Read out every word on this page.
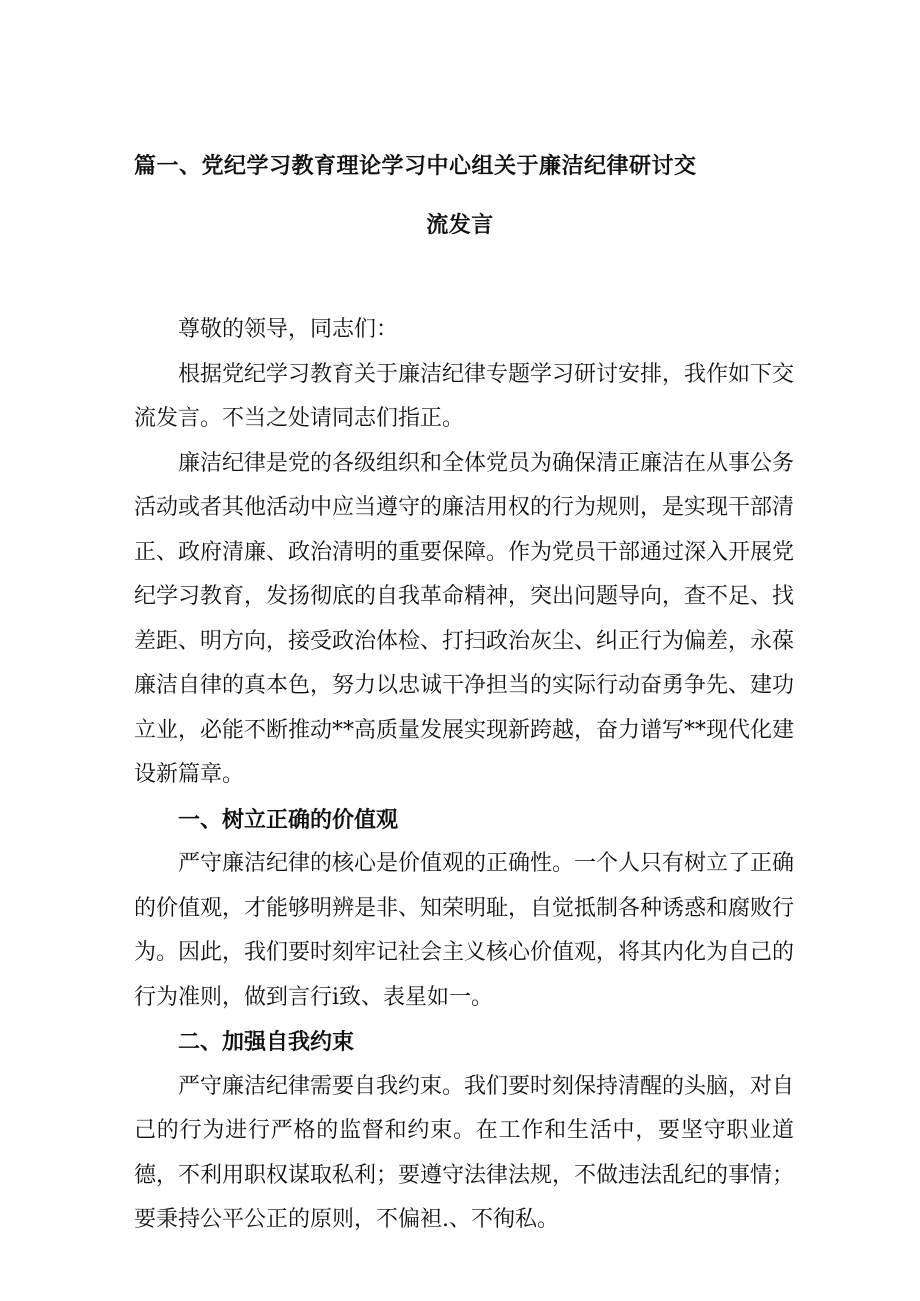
篇一、党纪学习教育理论学习中心组关于廉洁纪律研讨交
流发言

尊敬的领导，同志们：

根据党纪学习教育关于廉洁纪律专题学习研讨安排，我作如下交流发言。不当之处请同志们指正。

廉洁纪律是党的各级组织和全体党员为确保清正廉洁在从事公务活动或者其他活动中应当遵守的廉洁用权的行为规则，是实现干部清正、政府清廉、政治清明的重要保障。作为党员干部通过深入开展党纪学习教育，发扬彻底的自我革命精神，突出问题导向，查不足、找差距、明方向，接受政治体检、打扫政治灰尘、纠正行为偏差，永葆廉洁自律的真本色，努力以忠诚干净担当的实际行动奋勇争先、建功立业，必能不断推动**高质量发展实现新跨越，奋力谱写**现代化建设新篇章。

一、树立正确的价值观

严守廉洁纪律的核心是价值观的正确性。一个人只有树立了正确的价值观，才能够明辨是非、知荣明耻，自觉抵制各种诱惑和腐败行为。因此，我们要时刻牢记社会主义核心价值观，将其内化为自己的行为准则，做到言行i致、表星如一。

二、加强自我约束

严守廉洁纪律需要自我约束。我们要时刻保持清醒的头脑，对自己的行为进行严格的监督和约束。在工作和生活中，要坚守职业道德，不利用职权谋取私利；要遵守法律法规，不做违法乱纪的事情；要秉持公平公正的原则，不偏袒.、不徇私。
